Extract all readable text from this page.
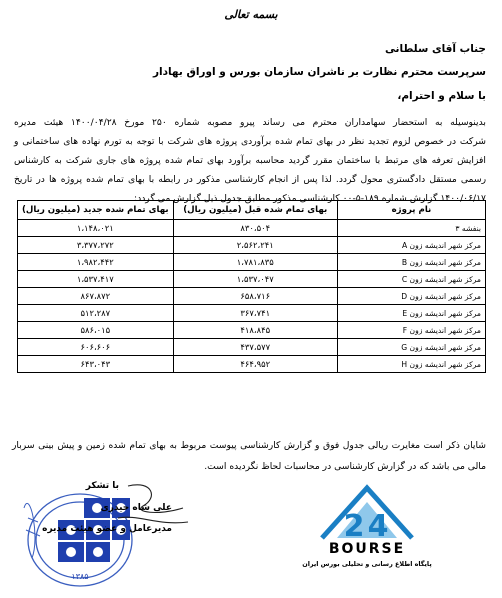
بسمه تعالی
جناب آقای سلطانی
سرپرست محترم نظارت بر ناشران سازمان بورس و اوراق بهادار
با سلام و احترام،
بدینوسیله به استحضار سهامداران محترم می رساند پیرو مصوبه شماره ۲۵۰ مورخ ۱۴۰۰/۰۴/۲۸ هیئت مدیره
شرکت در خصوص لزوم تجدید نظر در بهای تمام شده برآوردی پروژه های شرکت با توجه به تورم نهاده های ساختمانی و
افزایش تعرفه های مرتبط با ساختمان مقرر گردید محاسبه برآورد بهای تمام شده پروژه های جاری شرکت به کارشناس
رسمی مستقل دادگستری محول گردد. لذا پس از انجام کارشناسی مذکور در رابطه با بهای تمام شده پروژه ها در تاریخ
۱۴۰۰/۰۶/۱۷ گزارش شماره ۱۸۹-۵-۰۰ کارشناسی مذکور مطابق جدول ذیل گزارش می گردد:
نام پروژه	بهای تمام شده قبل (میلیون ریال)	بهای تمام شده جدید (میلیون ریال)
بنفشه ۳	۸۳۰،۵۰۴	۱،۱۴۸،۰۲۱
مرکز شهر اندیشه زون A	۲،۵۶۲،۲۴۱	۳،۳۷۷،۲۷۲
مرکز شهر اندیشه زون B	۱،۷۸۱،۸۳۵	۱،۹۸۲،۴۴۲
مرکز شهر اندیشه زون C	۱،۵۳۷،۰۴۷	۱،۵۳۷،۴۱۷
مرکز شهر اندیشه زون D	۶۵۸،۷۱۶	۸۶۷،۸۷۲
مرکز شهر اندیشه زون E	۳۶۷،۷۴۱	۵۱۲،۲۸۷
مرکز شهر اندیشه زون F	۴۱۸،۸۴۵	۵۸۶،۰۱۵
مرکز شهر اندیشه زون G	۴۳۷،۵۷۷	۶۰۶،۶۰۶
مرکز شهر اندیشه زون H	۴۶۴،۹۵۲	۶۴۳،۰۴۳
شایان ذکر است مغایرت ریالی جدول فوق و گزارش کارشناسی پیوست مربوط به بهای تمام شده زمین و پیش بینی سربار
مالی می باشد که در گزارش کارشناسی در محاسبات لحاظ نگردیده است.
۱۳۸۵
با تشکر
علی شاه حیدری
مدیرعامل و عضو هیئت مدیره	2 4
BOURSE
پایگاه اطلاع رسانی و تحلیلی بورس ایران
